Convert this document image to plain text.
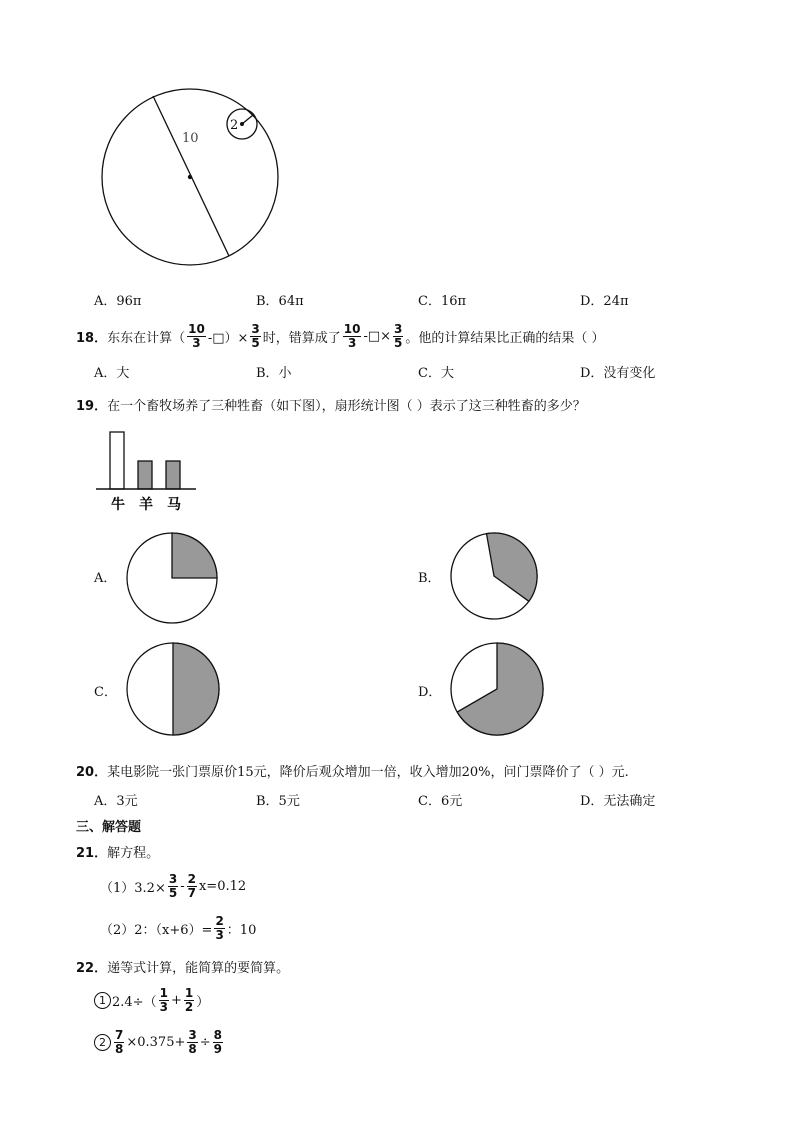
10
2
A．96π	B．64π	C．16π	D．24π
18． 东东在计算（ $\frac{10}{3}$ -□）× $\frac{3}{5}$ 时，错算成了 $\frac{10}{3}$ -□× $\frac{3}{5}$ 。他的计算结果比正确的结果（ ）
A．大	B．小	C．大	D．没有变化
19．在一个畜牧场养了三种牲畜（如下图），扇形统计图（ ）表示了这三种牲畜的多少？
牛 羊 马
A．	B．
C．	D．
20．某电影院一张门票原价15元，降价后观众增加一倍，收入增加20%，问门票降价了（ ）元.
A．3元	B．5元	C．6元	D．无法确定
三、解答题
21．解方程。
$(1)3.2\times \frac{3}{5} - \frac{2}{7} x=0.12$
（2）2：$(x+6)= \frac{2}{3}$ ：10
22．递等式计算，能简算的要简算。
1 $2.4\div( \frac{1}{3} + \frac{1}{2}$ ）
$2 \frac{7}{8} \times 0.375+ \frac{3}{8} \div \frac{8}{9}$
